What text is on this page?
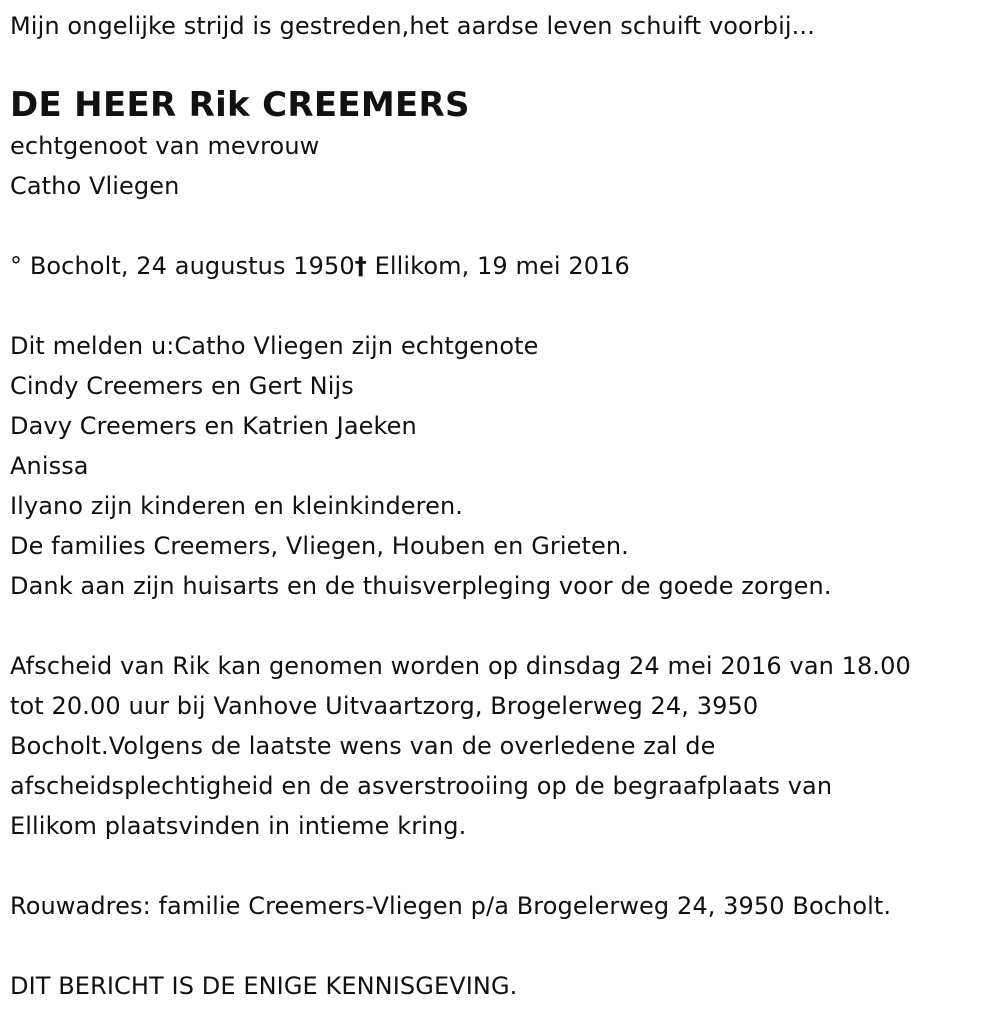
Mijn ongelijke strijd is gestreden,het aardse leven schuift voorbij...
DE HEER Rik CREEMERS
echtgenoot van mevrouw
Catho Vliegen
° Bocholt, 24 augustus 1950† Ellikom, 19 mei 2016
Dit melden u:Catho Vliegen zijn echtgenote
Cindy Creemers en Gert Nijs
Davy Creemers en Katrien Jaeken
Anissa
Ilyano zijn kinderen en kleinkinderen.
De families Creemers, Vliegen, Houben en Grieten.
Dank aan zijn huisarts en de thuisverpleging voor de goede zorgen.
Afscheid van Rik kan genomen worden op dinsdag 24 mei 2016 van 18.00
tot 20.00 uur bij Vanhove Uitvaartzorg, Brogelerweg 24, 3950
Bocholt.Volgens de laatste wens van de overledene zal de
afscheidsplechtigheid en de asverstrooiing op de begraafplaats van
Ellikom plaatsvinden in intieme kring.
Rouwadres: familie Creemers-Vliegen p/a Brogelerweg 24, 3950 Bocholt.
DIT BERICHT IS DE ENIGE KENNISGEVING.
